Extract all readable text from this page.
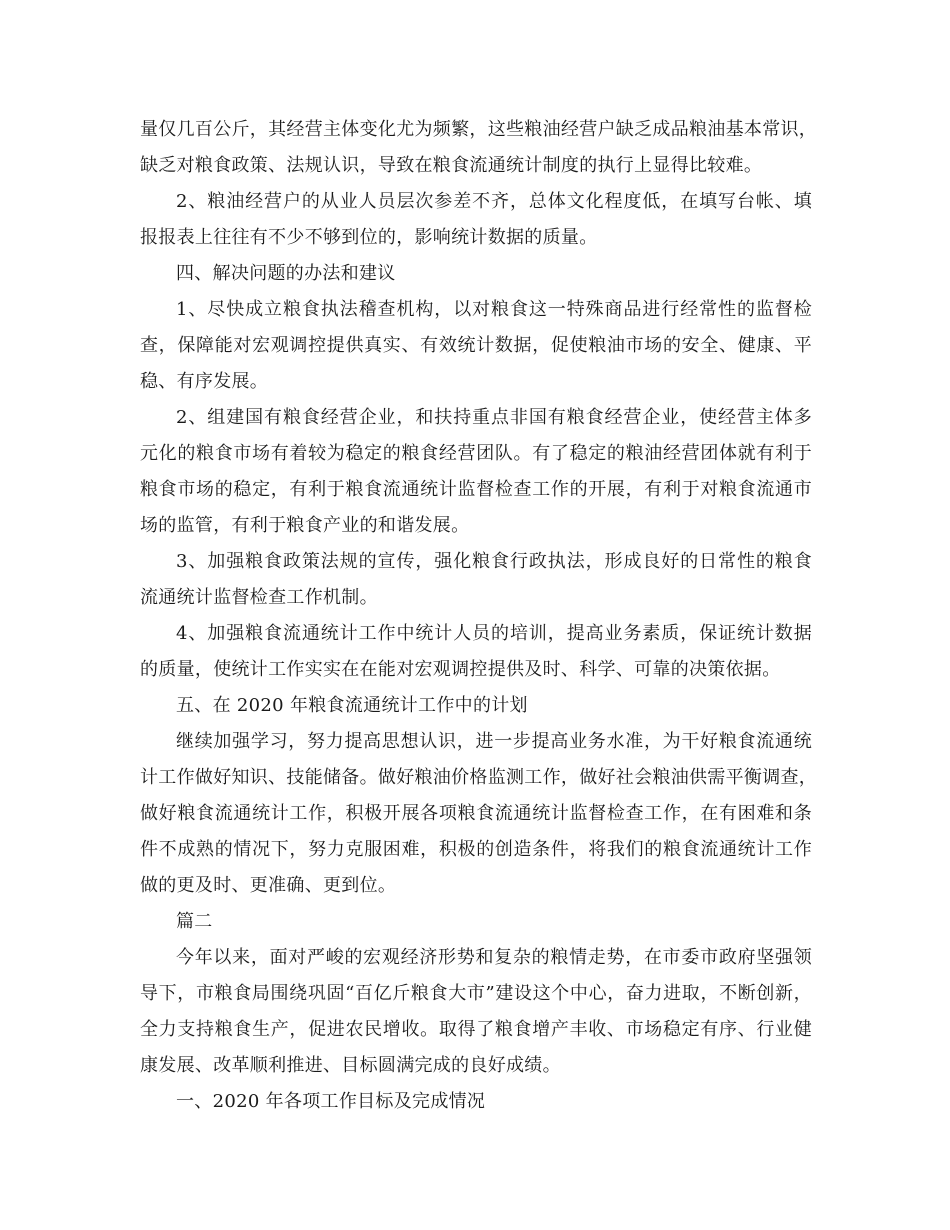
量仅几百公斤，其经营主体变化尤为频繁，这些粮油经营户缺乏成品粮油基本常识，
缺乏对粮食政策、法规认识，导致在粮食流通统计制度的执行上显得比较难。
2、粮油经营户的从业人员层次参差不齐，总体文化程度低，在填写台帐、填
报报表上往往有不少不够到位的，影响统计数据的质量。
四、解决问题的办法和建议
1、尽快成立粮食执法稽查机构，以对粮食这一特殊商品进行经常性的监督检
查，保障能对宏观调控提供真实、有效统计数据，促使粮油市场的安全、健康、平
稳、有序发展。
2、组建国有粮食经营企业，和扶持重点非国有粮食经营企业，使经营主体多
元化的粮食市场有着较为稳定的粮食经营团队。有了稳定的粮油经营团体就有利于
粮食市场的稳定，有利于粮食流通统计监督检查工作的开展，有利于对粮食流通市
场的监管，有利于粮食产业的和谐发展。
3、加强粮食政策法规的宣传，强化粮食行政执法，形成良好的日常性的粮食
流通统计监督检查工作机制。
4、加强粮食流通统计工作中统计人员的培训，提高业务素质，保证统计数据
的质量，使统计工作实实在在能对宏观调控提供及时、科学、可靠的决策依据。
五、在 2020 年粮食流通统计工作中的计划
继续加强学习，努力提高思想认识，进一步提高业务水准，为干好粮食流通统
计工作做好知识、技能储备。做好粮油价格监测工作，做好社会粮油供需平衡调查，
做好粮食流通统计工作，积极开展各项粮食流通统计监督检查工作，在有困难和条
件不成熟的情况下，努力克服困难，积极的创造条件，将我们的粮食流通统计工作
做的更及时、更准确、更到位。
篇二
今年以来，面对严峻的宏观经济形势和复杂的粮情走势，在市委市政府坚强领
导下，市粮食局围绕巩固“百亿斤粮食大市”建设这个中心，奋力进取，不断创新，
全力支持粮食生产，促进农民增收。取得了粮食增产丰收、市场稳定有序、行业健
康发展、改革顺利推进、目标圆满完成的良好成绩。
一、2020 年各项工作目标及完成情况
